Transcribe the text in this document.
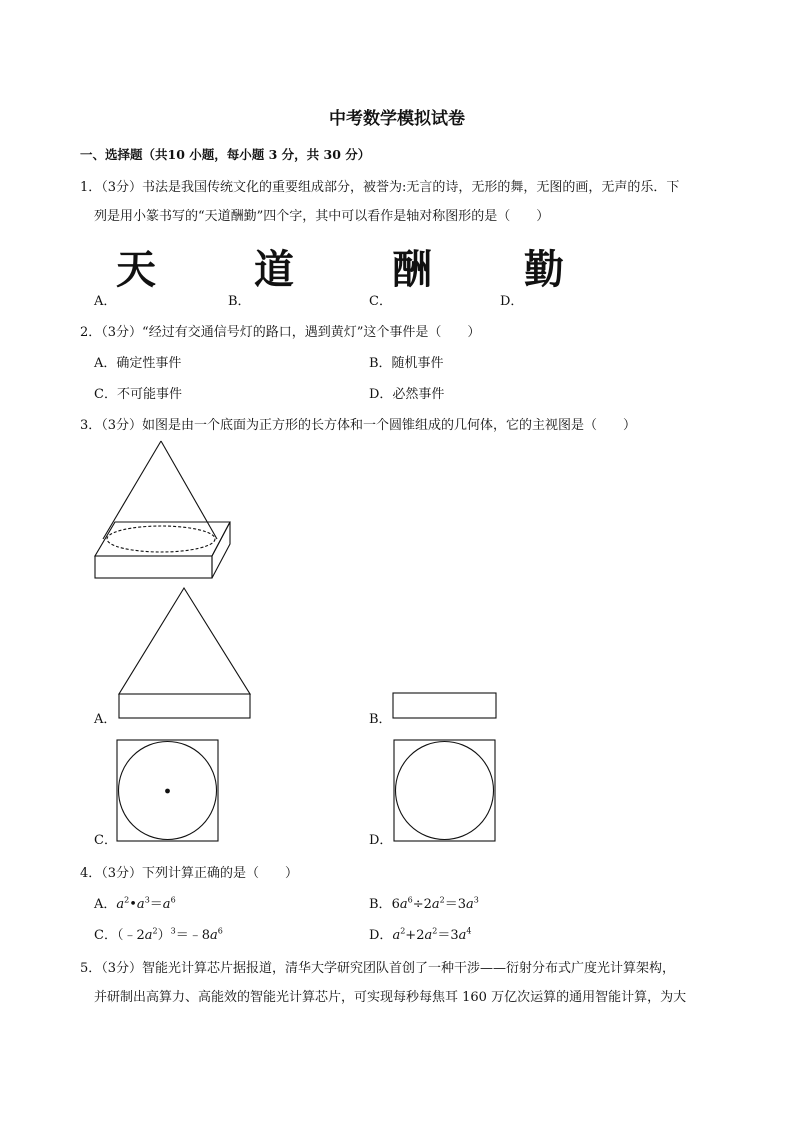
中考数学模拟试卷
一、选择题（共10 小题，每小题 3 分，共 30 分）
1．（3分）书法是我国传统文化的重要组成部分，被誉为:无言的诗，无形的舞，无图的画，无声的乐．下
列是用小篆书写的“天道酬勤”四个字，其中可以看作是轴对称图形的是（　　）
A．
天
B．
道
C．
酬
D．
勤
2．（3分）“经过有交通信号灯的路口，遇到黄灯”这个事件是（　　）
A．确定性事件	B．随机事件
C．不可能事件	D．必然事件
3．（3分）如图是由一个底面为正方形的长方体和一个圆锥组成的几何体，它的主视图是（　　）
A．	B．
C．	D．
4．（3分）下列计算正确的是（　　）
A．$a^2•a^3=a^6$	B．$6a^6\div 2a^2=3a^3$
C．$(﹣2a^2)^3=﹣8a^6$	D．$a^2+2a^2=3a^4$
5．（3分）智能光计算芯片据报道，清华大学研究团队首创了一种干涉——衍射分布式广度光计算架构，
并研制出高算力、高能效的智能光计算芯片，可实现每秒每焦耳 160 万亿次运算的通用智能计算，为大
